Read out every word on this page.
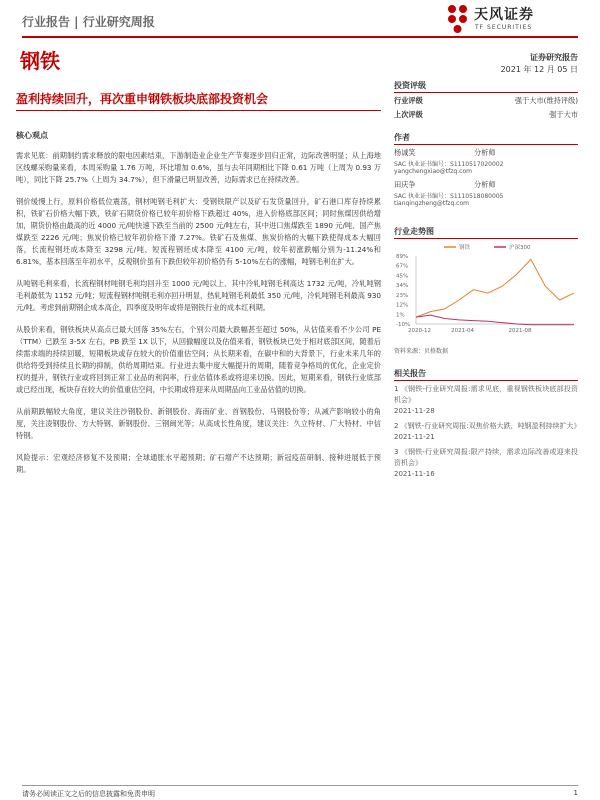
行业报告 | 行业研究周报	天风证券
TF SECURITIES
钢铁	证券研究报告
2021 年 12 月 05 日
盈利持续回升，再次重申钢铁板块底部投资机会
核心观点

需求见底：前期制约需求释放的限电因素结束，下游制造业企业生产节奏逐步回归正常，边际改善明显；从上海地区线螺采购量来看，本周采购量 1.76 万吨，环比增加 0.6%，虽与去年同期相比下降 0.61 万吨（上周为 0.93 万吨），同比下降 25.7%（上周为 34.7%），但下滑量已明显改善，边际需求已在持续改善。

钢价缓慢上行，原料价格低位震荡，钢材吨钢毛利扩大：受钢铁限产以及矿石发货量回升，矿石港口库存持续累积，铁矿石价格大幅下跌，铁矿石期货价格已较年初价格下跌超过 40%，进入价格底部区间；同时焦煤因供给增加，期货价格由最高的近 4000 元/吨快速下跌至当前的 2500 元/吨左右，其中进口焦煤跌至 1890 元/吨、国产焦煤跌至 2226 元/吨；焦炭价格已较年初价格下滑 7.27%。铁矿石及焦煤、焦炭价格的大幅下跌使得成本大幅回落，长流程钢坯成本降至 3298 元/吨、短流程钢坯成本降至 4100 元/吨，较年初涨跌幅分别为-11.24%和 6.81%，基本回落至年初水平，反观钢价虽有下跌但较年初价格仍有 5-10%左右的涨幅，吨钢毛利在扩大。

从吨钢毛利来看，长流程钢材吨钢毛利均回升至 1000 元/吨以上、其中冷轧吨钢毛利高达 1732 元/吨，冷轧吨钢毛利最低为 1152 元/吨；短流程钢材吨钢毛利亦回升明显，热轧吨钢毛利最低 350 元/吨，冷轧吨钢毛利最高 930 元/吨。考虑到前期钢企成本高企，四季度及明年或将是钢铁行业的成本红利期。

从股价来看，钢铁板块从高点已最大回落 35%左右，个别公司最大跌幅甚至超过 50%，从估值来看不少公司 PE（TTM）已跌至 3-5X 左右，PB 跌至 1X 以下，从回撤幅度以及估值来看，钢铁板块已处于相对底部区间，随着后续需求端的持续回暖，短期板块或存在较大的价值重估空间；从长期来看，在碳中和的大背景下，行业未来几年的供给将受到持续且长期的抑制，供给周期结束。行业进去集中度大幅提升的周期，随着竞争格局的优化，企业定价权的提升，钢铁行业或将回到正常工业品的利润率，行业估值体系或将迎来切换。因此，短期来看，钢铁行业底部或已经出现，板块存在较大的价值重估空间，中长期或将迎来从周期品向工业品估值的切换。

从前期跌幅较大角度，建议关注沙钢股份、新钢股份、海南矿业、首钢股份、马钢股份等；从减产影响较小的角度，关注凌钢股份、方大特钢、新钢股份、三钢闽光等；从高成长性角度，建议关注：久立特材、广大特材、中信特钢。

风险提示：宏观经济修复不及预期；全球通胀水平超预期；矿石增产不达预期；新冠疫苗研制、接种进展低于预期。

投资评级
行业评级	强于大市(维持评级)
上次评级	强于大市
作者
杨诚笑	分析师
SAC 执业证书编号：S1110517020002
yangchengxiao@tfzq.com
田庆争	分析师
SAC 执业证书编号：S1110518080005
tianqingzheng@tfzq.com
行业走势图
钢铁	沪深300
89%
67%
45%
34%
23%
12%
1%
-10%
2020-12	2021-04	2021-08
资料来源：贝格数据
相关报告
1 《钢铁-行业研究周报:需求见底，重视钢铁板块底部投资机会》
2021-11-28
2 《钢铁-行业研究周报:双焦价格大跌，吨钢盈利持续扩大》
2021-11-21
3 《钢铁-行业研究周报:限产持续，需求边际改善或迎来投资机会》
2021-11-16
请务必阅读正文之后的信息披露和免责申明	1
